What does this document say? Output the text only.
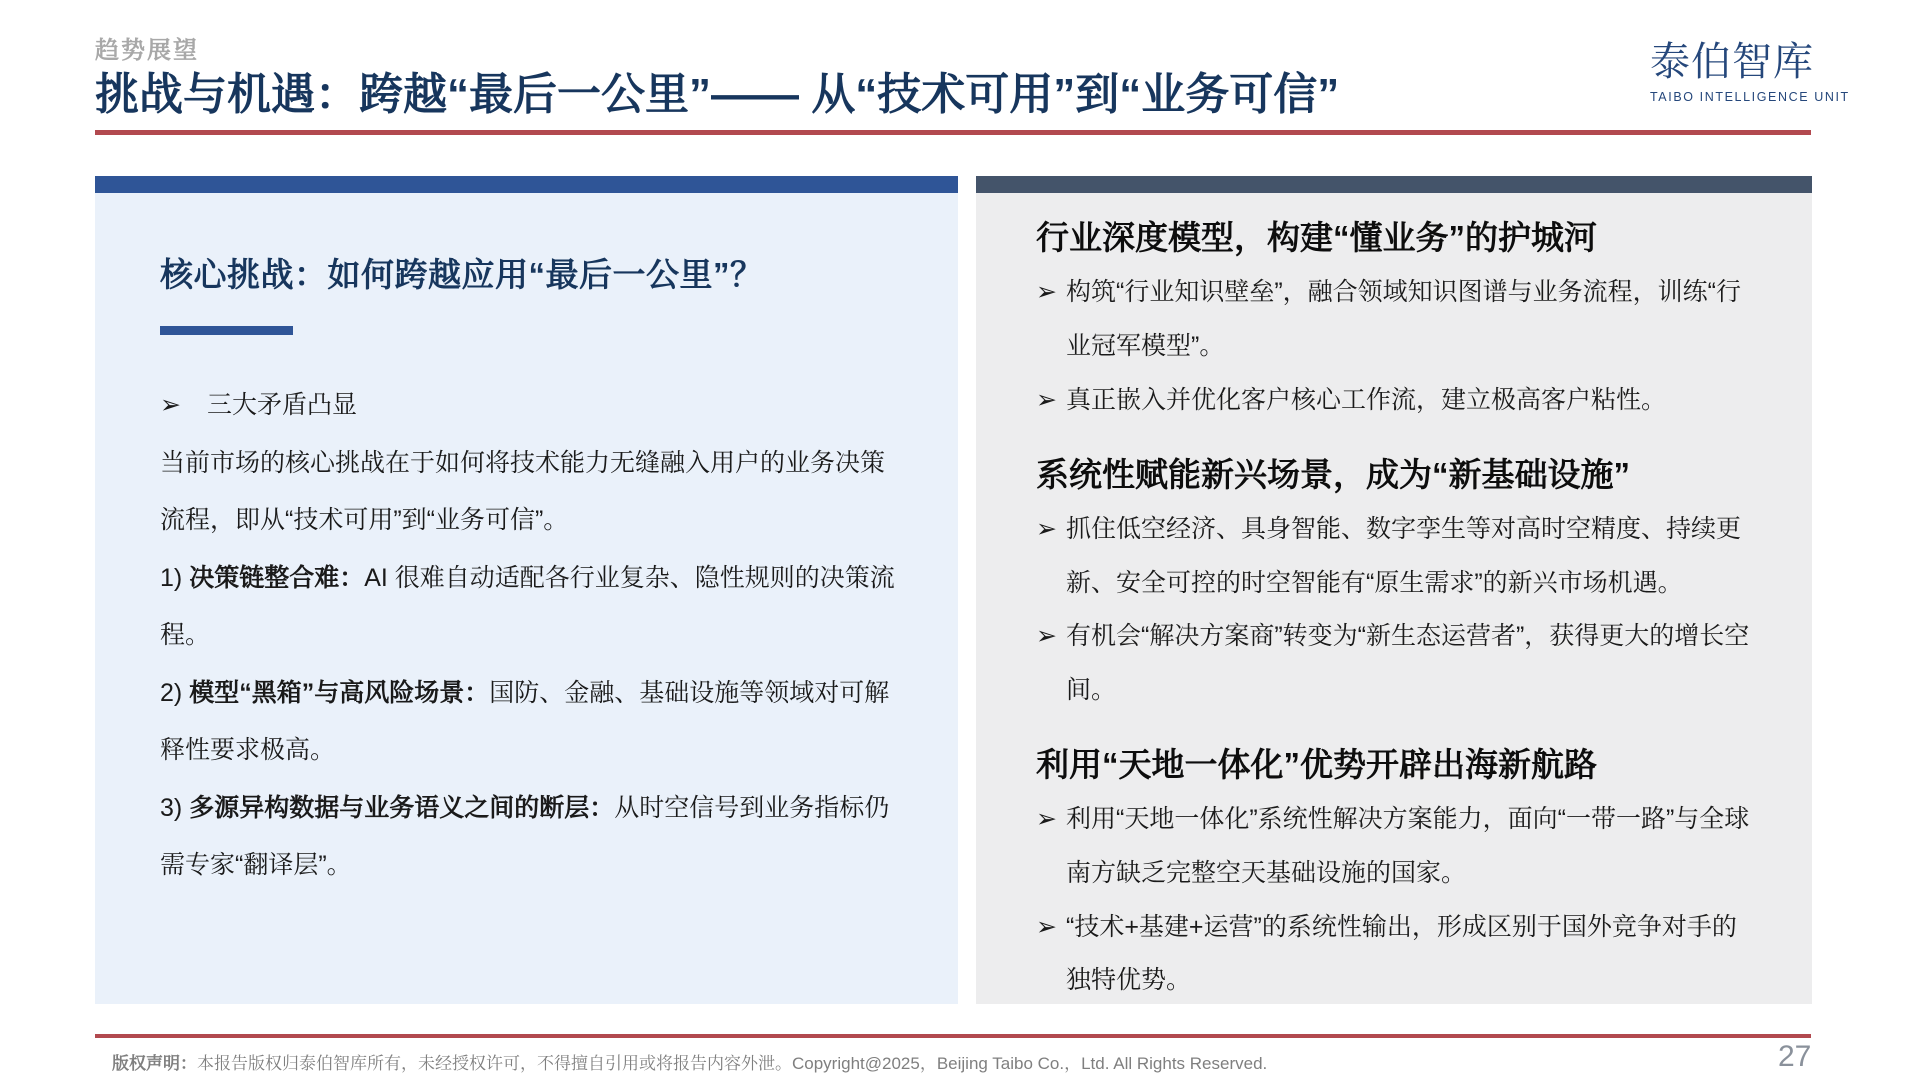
趋势展望
挑战与机遇：跨越“最后一公里”—— 从“技术可用”到“业务可信”
泰伯智库
TAIBO INTELLIGENCE UNIT
核心挑战：如何跨越应用“最后一公里”？
➢ 三大矛盾凸显

当前市场的核心挑战在于如何将技术能力无缝融入用户的业务决策流程，即从“技术可用”到“业务可信”。

1) 决策链整合难：AI 很难自动适配各行业复杂、隐性规则的决策流程。

2) 模型“黑箱”与高风险场景：国防、金融、基础设施等领域对可解释性要求极高。

3) 多源异构数据与业务语义之间的断层：从时空信号到业务指标仍需专家“翻译层”。

行业深度模型，构建“懂业务”的护城河
➢ 构筑“行业知识壁垒”，融合领域知识图谱与业务流程，训练“行业冠军模型”。
➢ 真正嵌入并优化客户核心工作流，建立极高客户粘性。
系统性赋能新兴场景，成为“新基础设施”
➢ 抓住低空经济、具身智能、数字孪生等对高时空精度、持续更新、安全可控的时空智能有“原生需求”的新兴市场机遇。
➢ 有机会“解决方案商”转变为“新生态运营者”，获得更大的增长空间。
利用“天地一体化”优势开辟出海新航路
➢ 利用“天地一体化”系统性解决方案能力，面向“一带一路”与全球南方缺乏完整空天基础设施的国家。
➢ “技术+基建+运营”的系统性输出，形成区别于国外竞争对手的独特优势。
版权声明：本报告版权归泰伯智库所有，未经授权许可，不得擅自引用或将报告内容外泄。Copyright@2025，Beijing Taibo Co.，Ltd. All Rights Reserved.	27
